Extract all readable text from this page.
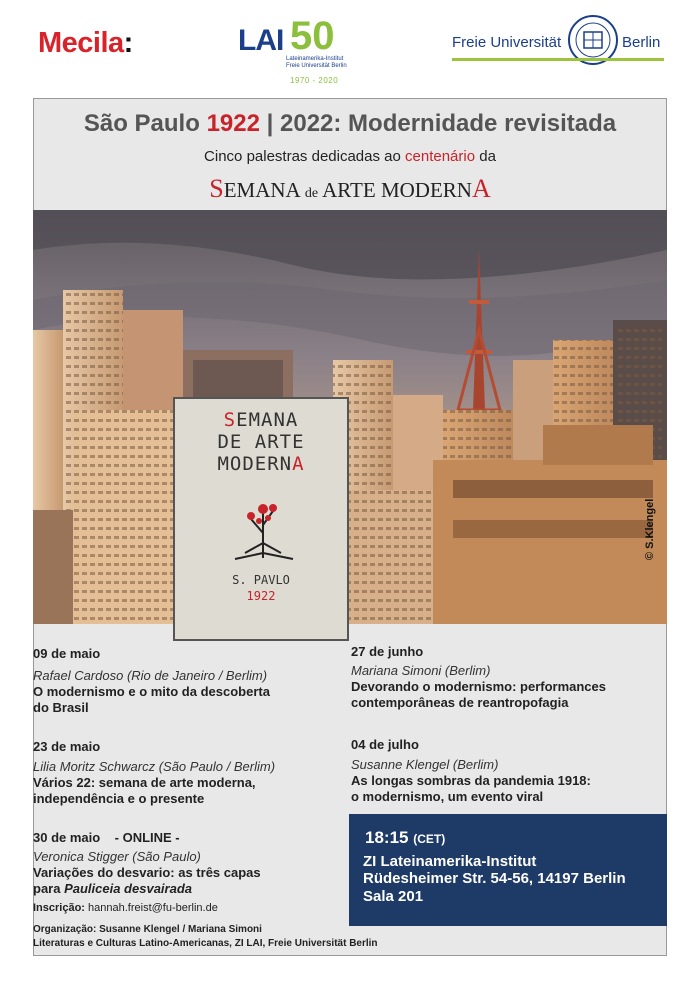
Mecila:	LAI 50
Lateinamerika-Institut
Freie Universität Berlin
1970 - 2020
Freie Universität	Berlin
São Paulo 1922 | 2022: Modernidade revisitada
Cinco palestras dedicadas ao centenário da
SEMANA de ARTE MODERNA
© S.Klengel
SEMANA
DE ARTE
MODERNA
S. PAVLO
1922
09 de maio
Rafael Cardoso (Rio de Janeiro / Berlim)
O modernismo e o mito da descoberta
do Brasil
23 de maio
Lilia Moritz Schwarcz (São Paulo / Berlim)
Vários 22: semana de arte moderna,
independência e o presente
30 de maio    - ONLINE -
Veronica Stigger (São Paulo)
Variações do desvario: as três capas
para Pauliceia desvairada
27 de junho
Mariana Simoni (Berlim)
Devorando o modernismo: performances
contemporâneas de reantropofagia
04 de julho
Susanne Klengel (Berlim)
As longas sombras da pandemia 1918:
o modernismo, um evento viral
Inscrição: hannah.freist@fu-berlin.de
Organização: Susanne Klengel / Mariana Simoni
Literaturas e Culturas Latino-Americanas, ZI LAI, Freie Universität Berlin
18:15 (CET)
ZI Lateinamerika-Institut
Rüdesheimer Str. 54-56, 14197 Berlin
Sala 201
